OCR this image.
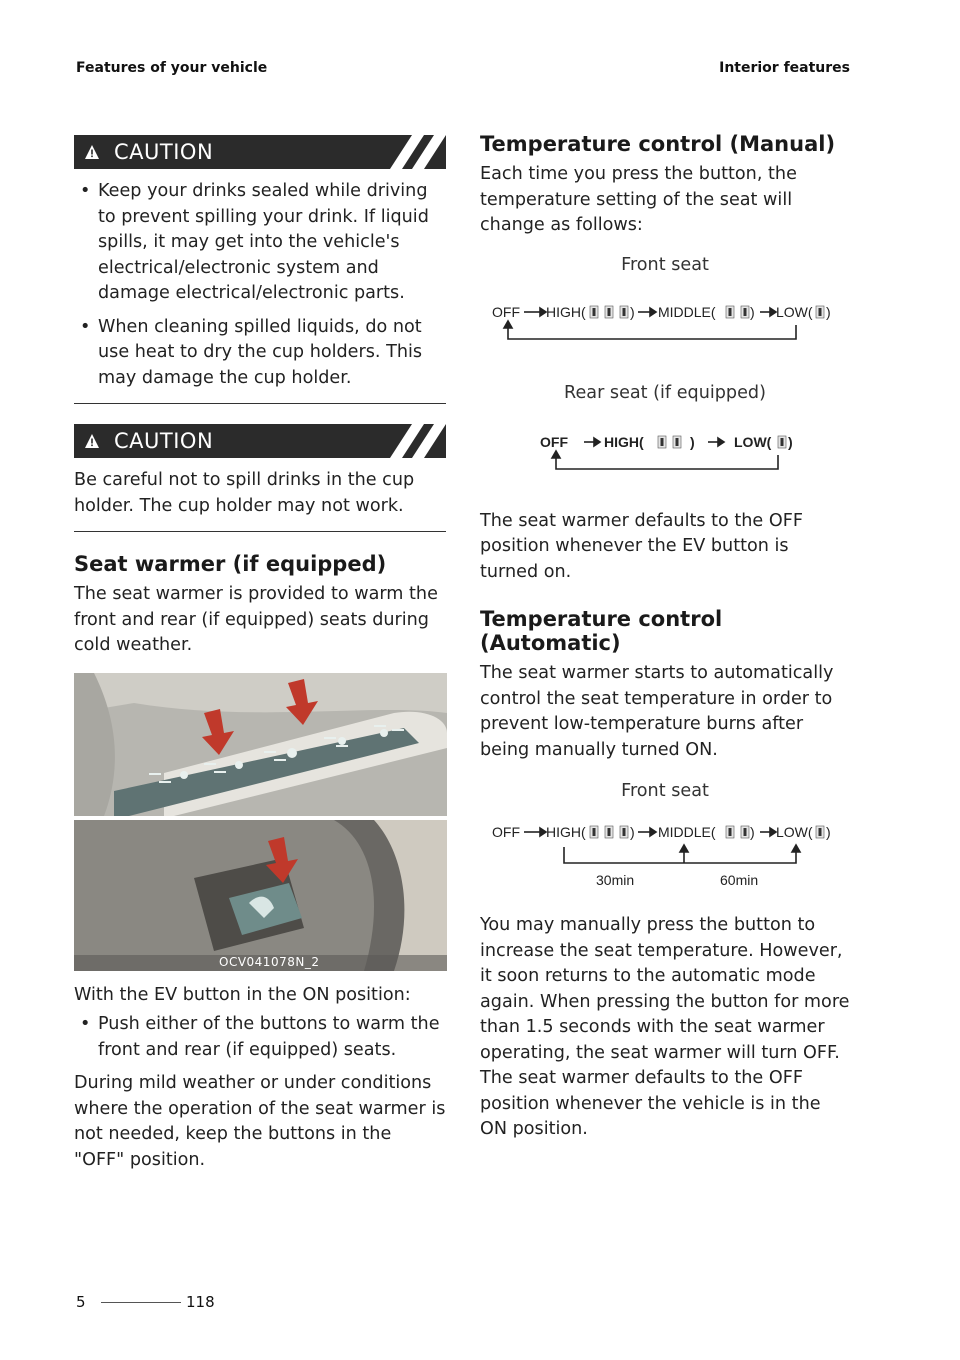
Features of your vehicle	Interior features
CAUTION
• Keep your drinks sealed while driving to prevent spilling your drink. If liquid spills, it may get into the vehicle's electrical/electronic system and damage electrical/electronic parts.
• When cleaning spilled liquids, do not use heat to dry the cup holders. This may damage the cup holder.
CAUTION

Be careful not to spill drinks in the cup holder. The cup holder may not work.

Seat warmer (if equipped)

The seat warmer is provided to warm the front and rear (if equipped) seats during cold weather.

OCV041078N_2

With the EV button in the ON position:

• Push either of the buttons to warm the front and rear (if equipped) seats.

During mild weather or under conditions where the operation of the seat warmer is not needed, keep the buttons in the "OFF" position.

Temperature control (Manual)

Each time you press the button, the temperature setting of the seat will change as follows:

Front seat
OFF HIGH(	MIDDLE(	LOW(
)	)	)
Rear seat (if equipped)
OFF	HIGH(	)	LOW( )

The seat warmer defaults to the OFF position whenever the EV button is turned on.

Temperature control (Automatic)

The seat warmer starts to automatically control the seat temperature in order to prevent low-temperature burns after being manually turned ON.

Front seat
OFF HIGH(	MIDDLE(	LOW(
)	)	)
30min	60min

You may manually press the button to increase the seat temperature. However, it soon returns to the automatic mode again. When pressing the button for more than 1.5 seconds with the seat warmer operating, the seat warmer will turn OFF. The seat warmer defaults to the OFF position whenever the vehicle is in the ON position.

5	118
